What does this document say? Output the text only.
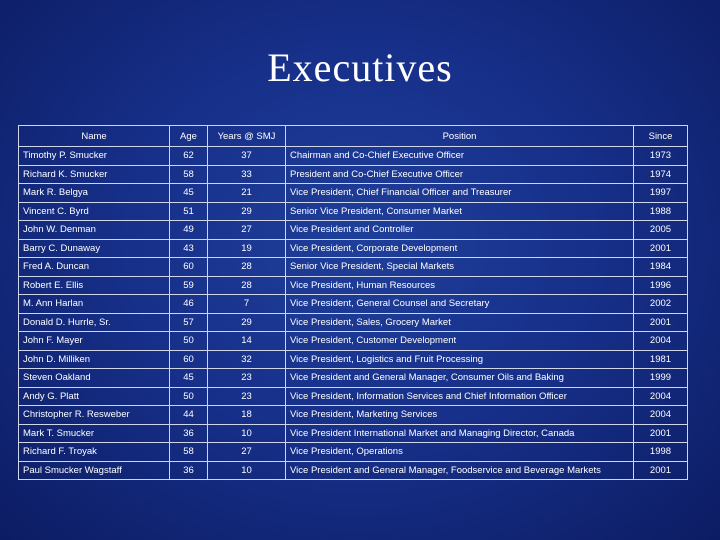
Executives
Name	Age	Years @ SMJ	Position	Since
Timothy P. Smucker	62	37	Chairman and Co-Chief Executive Officer	1973
Richard K. Smucker	58	33	President and Co-Chief Executive Officer	1974
Mark R. Belgya	45	21	Vice President, Chief Financial Officer and Treasurer	1997
Vincent C. Byrd	51	29	Senior Vice President, Consumer Market	1988
John W. Denman	49	27	Vice President and Controller	2005
Barry C. Dunaway	43	19	Vice President, Corporate Development	2001
Fred A. Duncan	60	28	Senior Vice President, Special Markets	1984
Robert E. Ellis	59	28	Vice President, Human Resources	1996
M. Ann Harlan	46	7	Vice President, General Counsel and Secretary	2002
Donald D. Hurrle, Sr.	57	29	Vice President, Sales, Grocery Market	2001
John F. Mayer	50	14	Vice President, Customer Development	2004
John D. Milliken	60	32	Vice President, Logistics and Fruit Processing	1981
Steven Oakland	45	23	Vice President and General Manager, Consumer Oils and Baking	1999
Andy G. Platt	50	23	Vice President, Information Services and Chief Information Officer	2004
Christopher R. Resweber	44	18	Vice President, Marketing Services	2004
Mark T. Smucker	36	10	Vice President International Market and Managing Director, Canada	2001
Richard F. Troyak	58	27	Vice President, Operations	1998
Paul Smucker Wagstaff	36	10	Vice President and General Manager, Foodservice and Beverage Markets	2001
